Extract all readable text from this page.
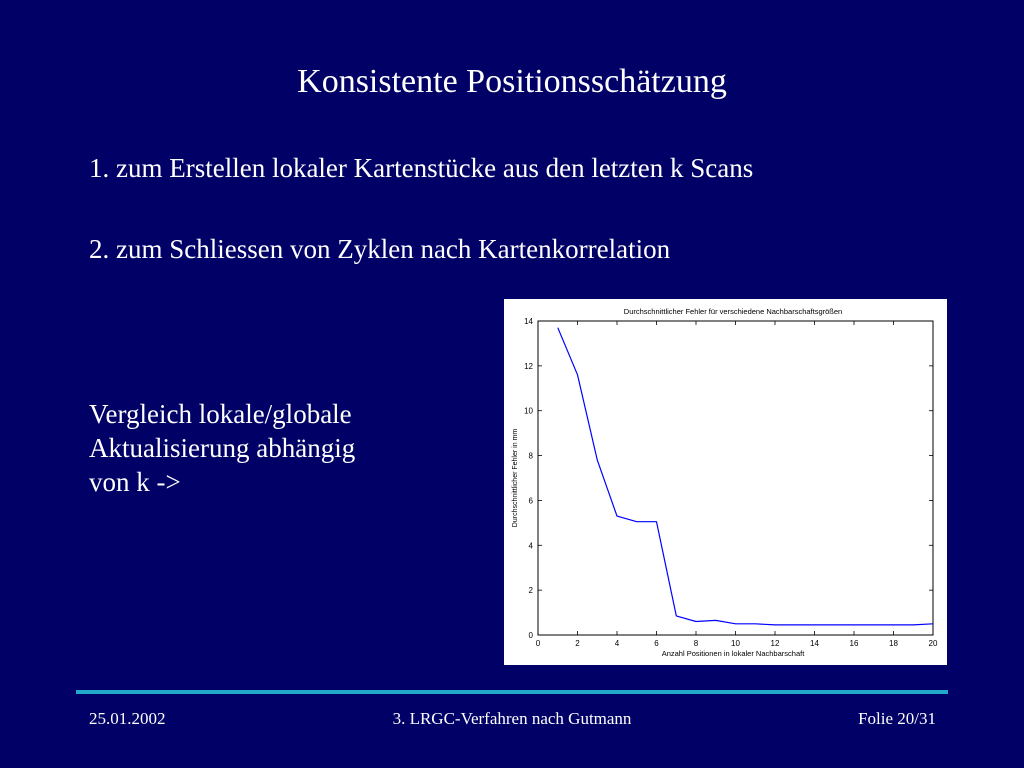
Konsistente Positionsschätzung
1. zum Erstellen lokaler Kartenstücke aus den letzten k Scans
2. zum Schliessen von Zyklen nach Kartenkorrelation
Vergleich lokale/globale
Aktualisierung abhängig
von k ->
Durchschnittlicher Fehler für verschiedene Nachbarschaftsgrößen
Anzahl Positionen in lokaler Nachbarschaft
Durchschnittlicher Fehler in mm
0	2	4	6	8	10	12	14	16	18	20
0
2
4
6
8
10
12
14
25.01.2002	3. LRGC-Verfahren nach Gutmann	Folie 20/31
